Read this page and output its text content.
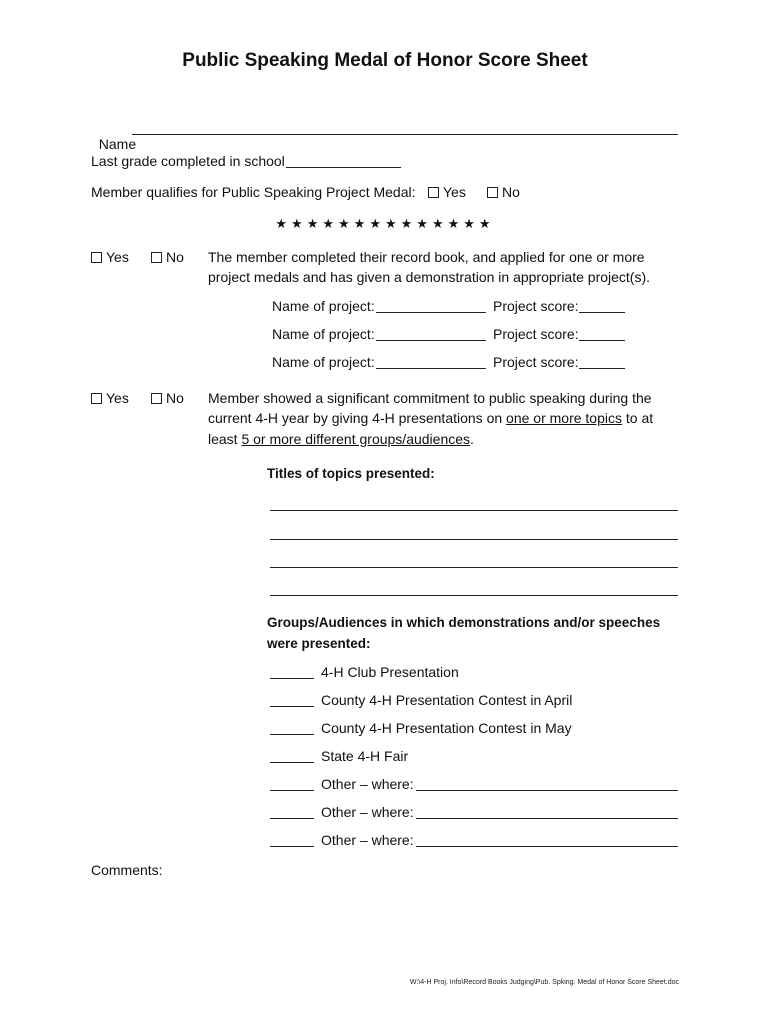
Public Speaking Medal of Honor Score Sheet

Name

Last grade completed in school
Member qualifies for Public Speaking Project Medal: Yes	No
★★★★★★★★★★★★★★
Yes	No The member completed their record book, and applied for one or more
project medals and has given a demonstration in appropriate project(s).
Name of project:	Project score:
Name of project:	Project score:
Name of project:	Project score:
Yes	No Member showed a significant commitment to public speaking during the
current 4-H year by giving 4-H presentations on one or more topics to at
least 5 or more different groups/audiences.
Titles of topics presented:
Groups/Audiences in which demonstrations and/or speeches
were presented:
4-H Club Presentation
County 4-H Presentation Contest in April
County 4-H Presentation Contest in May
State 4-H Fair
Other – where:
Other – where:
Other – where:
Comments:
W:\4-H Proj. Info\Record Books Judging\Pub. Spking. Medal of Honor Score Sheet.doc
